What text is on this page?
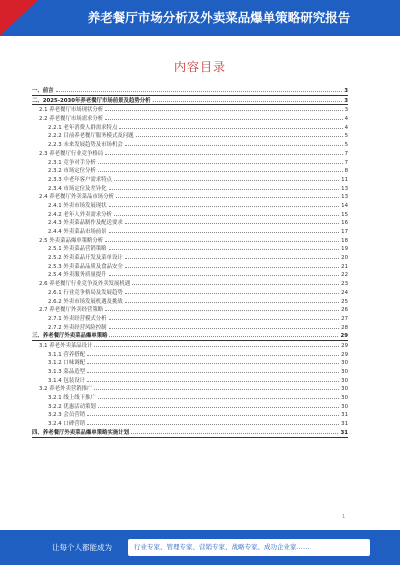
养老餐厅市场分析及外卖菜品爆单策略研究报告
内容目录
一、前言	3
二、2025-2030年养老餐厅市场前景及趋势分析	3
2.1 养老餐厅市场现状分析	3
2.2 养老餐厅市场需求分析	4
2.2.1 老年消费人群需求特点	4
2.2.2 目前养老餐厅服务模式及问题	5
2.2.3 未来发展趋势及市场机会	5
2.3 养老餐厅行业竞争格局	7
2.3.1 竞争对手分析	7
2.3.2 市场定位分析	8
2.3.3 中老年客户需求特点	11
2.3.4 市场定位及差异化	13
2.4 养老餐厅外卖菜品市场分析	13
2.4.1 外卖市场发展现状	14
2.4.2 老年人外卖需求分析	15
2.4.3 外卖菜品制作及配送要求	16
2.4.4 外卖菜品市场前景	17
2.5 外卖菜品爆单策略分析	18
2.5.1 外卖菜品营销策略	19
2.5.2 外卖菜品开发及菜单设计	20
2.5.3 外卖菜品品质及食品安全	21
2.5.4 外卖服务质量提升	22
2.6 养老餐厅行业竞争及外卖发展机遇	23
2.6.1 行业竞争格局及发展趋势	24
2.6.2 外卖市场发展机遇及挑战	25
2.7 养老餐厅外卖经营策略	26
2.7.1 外卖经营模式分析	27
2.7.2 外卖经营风险控制	28
三、养老餐厅外卖菜品爆单策略	29
3.1 养老外卖菜品设计	29
3.1.1 营养搭配	29
3.1.2 口味调配	30
3.1.3 菜品造型	30
3.1.4 包装设计	30
3.2 养老外卖营销推广	30
3.2.1 线上线下推广	30
3.2.2 优惠活动策划	30
3.2.3 会员营销	31
3.2.4 口碑营销	31
四、养老餐厅外卖菜品爆单策略实施计划	31
1
让每个人都能成为	行业专家、管理专家、营销专家、战略专家、成功企业家……
